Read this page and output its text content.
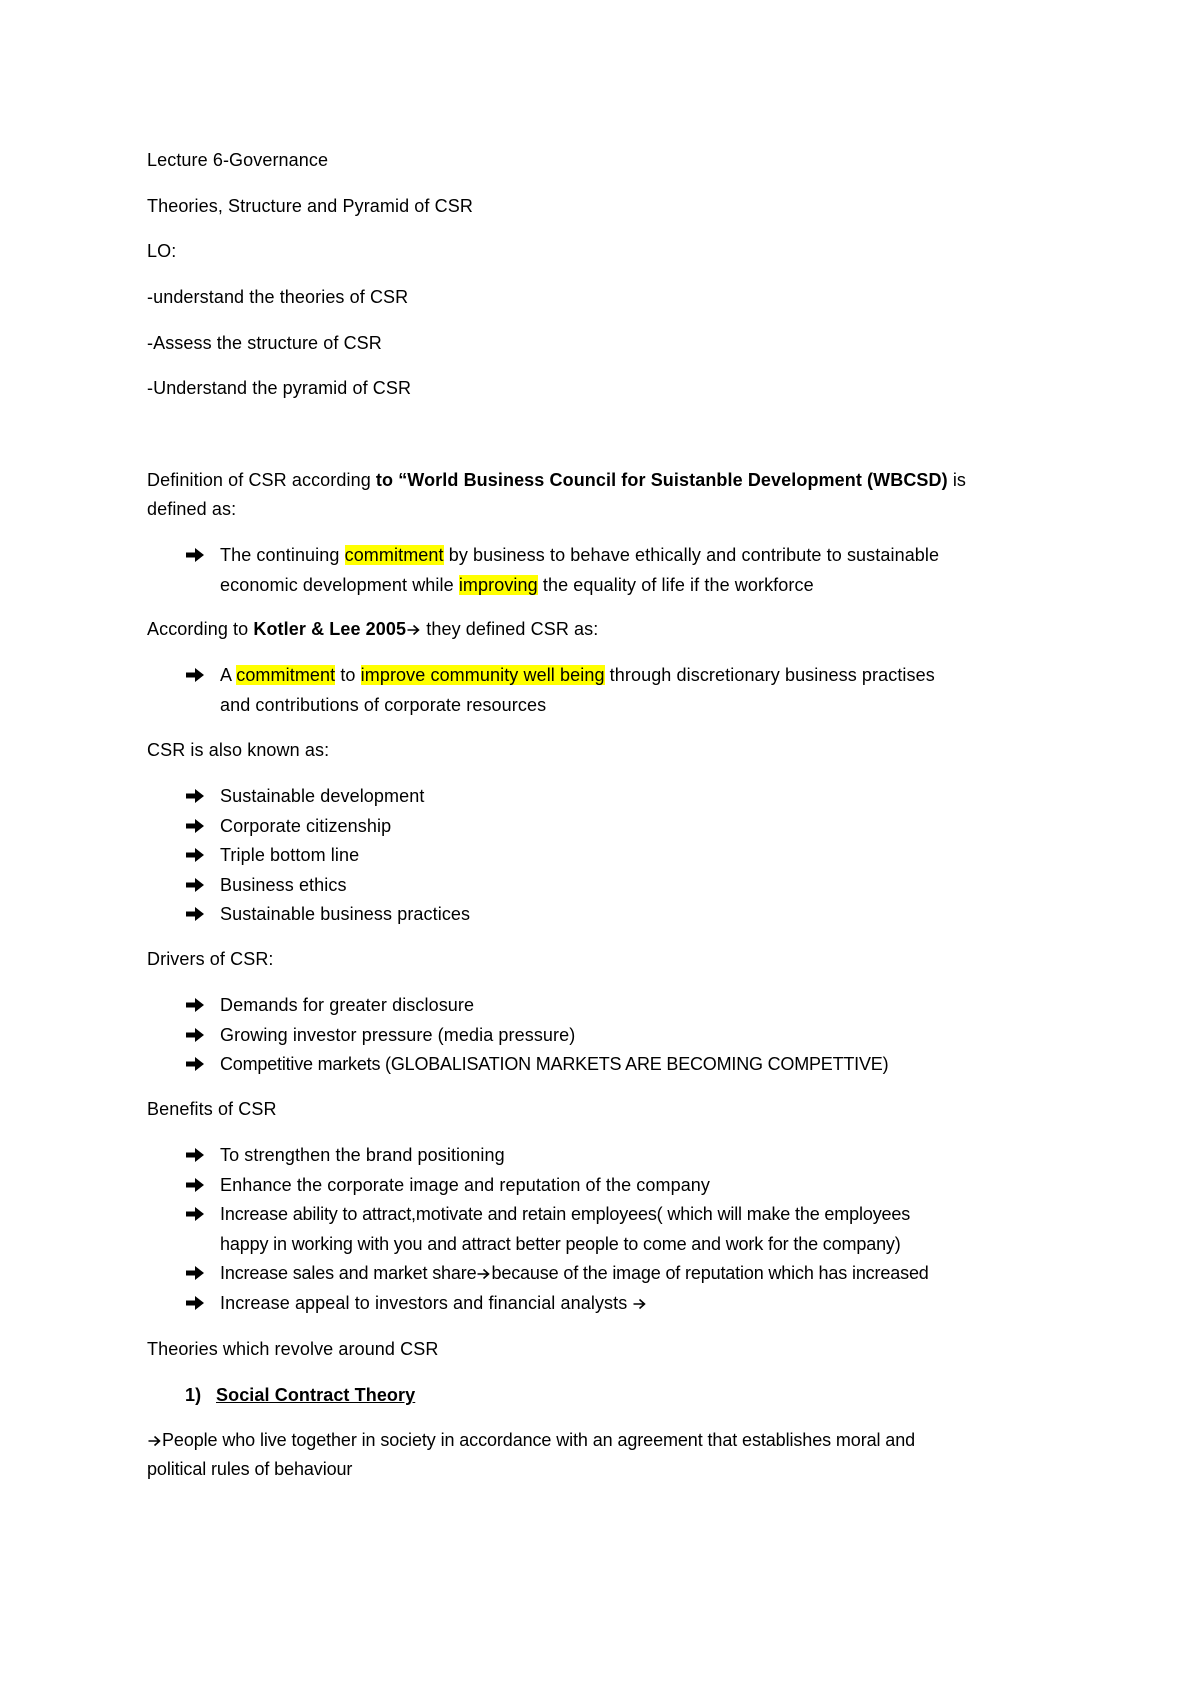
Lecture 6-Governance
Theories, Structure and Pyramid of CSR
LO:
-understand the theories of CSR
-Assess the structure of CSR
-Understand the pyramid of CSR
Definition of CSR according to “World Business Council for Suistanble Development (WBCSD) is
defined as:
The continuing commitment by business to behave ethically and contribute to sustainable
economic development while improving the equality of life if the workforce
According to Kotler & Lee 2005 they defined CSR as:
A commitment to improve community well being through discretionary business practises
and contributions of corporate resources
CSR is also known as:
Sustainable development
Corporate citizenship
Triple bottom line
Business ethics
Sustainable business practices
Drivers of CSR:
Demands for greater disclosure
Growing investor pressure (media pressure)
Competitive markets (GLOBALISATION MARKETS ARE BECOMING COMPETTIVE)
Benefits of CSR
To strengthen the brand positioning
Enhance the corporate image and reputation of the company
Increase ability to attract,motivate and retain employees( which will make the employees
happy in working with you and attract better people to come and work for the company)
Increase sales and market share because of the image of reputation which has increased
Increase appeal to investors and financial analysts
Theories which revolve around CSR
1) Social Contract Theory
People who live together in society in accordance with an agreement that establishes moral and
political rules of behaviour
